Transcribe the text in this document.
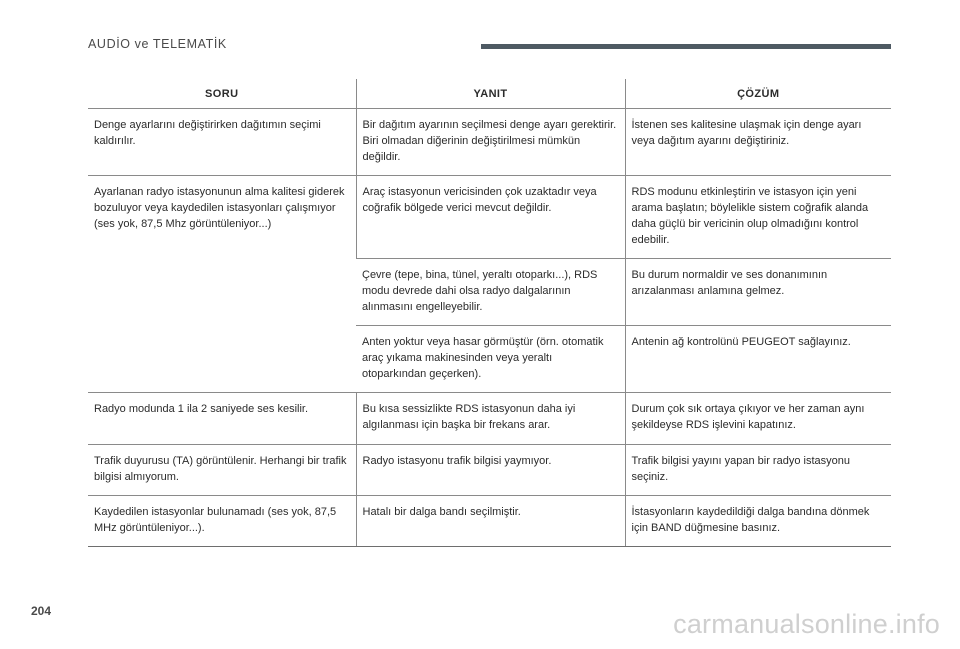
AUDİO ve TELEMATİK
SORU	YANIT	ÇÖZÜM
Denge ayarlarını değiştirirken dağıtımın seçimi kaldırılır.	Bir dağıtım ayarının seçilmesi denge ayarı gerektirir. Biri olmadan diğerinin değiştirilmesi mümkün değildir.	İstenen ses kalitesine ulaşmak için denge ayarı veya dağıtım ayarını değiştiriniz.
Ayarlanan radyo istasyonunun alma kalitesi giderek bozuluyor veya kaydedilen istasyonları çalışmıyor (ses yok, 87,5 Mhz görüntüleniyor...)	Araç istasyonun vericisinden çok uzaktadır veya coğrafik bölgede verici mevcut değildir.	RDS modunu etkinleştirin ve istasyon için yeni arama başlatın; böylelikle sistem coğrafik alanda daha güçlü bir vericinin olup olmadığını kontrol edebilir.
	Çevre (tepe, bina, tünel, yeraltı otoparkı...), RDS modu devrede dahi olsa radyo dalgalarının alınmasını engelleyebilir.	Bu durum normaldir ve ses donanımının arızalanması anlamına gelmez.
	Anten yoktur veya hasar görmüştür (örn. otomatik araç yıkama makinesinden veya yeraltı otoparkından geçerken).	Antenin ağ kontrolünü PEUGEOT sağlayınız.
Radyo modunda 1 ila 2 saniyede ses kesilir.	Bu kısa sessizlikte RDS istasyonun daha iyi algılanması için başka bir frekans arar.	Durum çok sık ortaya çıkıyor ve her zaman aynı şekildeyse RDS işlevini kapatınız.
Trafik duyurusu (TA) görüntülenir. Herhangi bir trafik bilgisi almıyorum.	Radyo istasyonu trafik bilgisi yaymıyor.	Trafik bilgisi yayını yapan bir radyo istasyonu seçiniz.
Kaydedilen istasyonlar bulunamadı (ses yok, 87,5 MHz görüntüleniyor...).	Hatalı bir dalga bandı seçilmiştir.	İstasyonların kaydedildiği dalga bandına dönmek için BAND düğmesine basınız.
204	carmanualsonline.info
